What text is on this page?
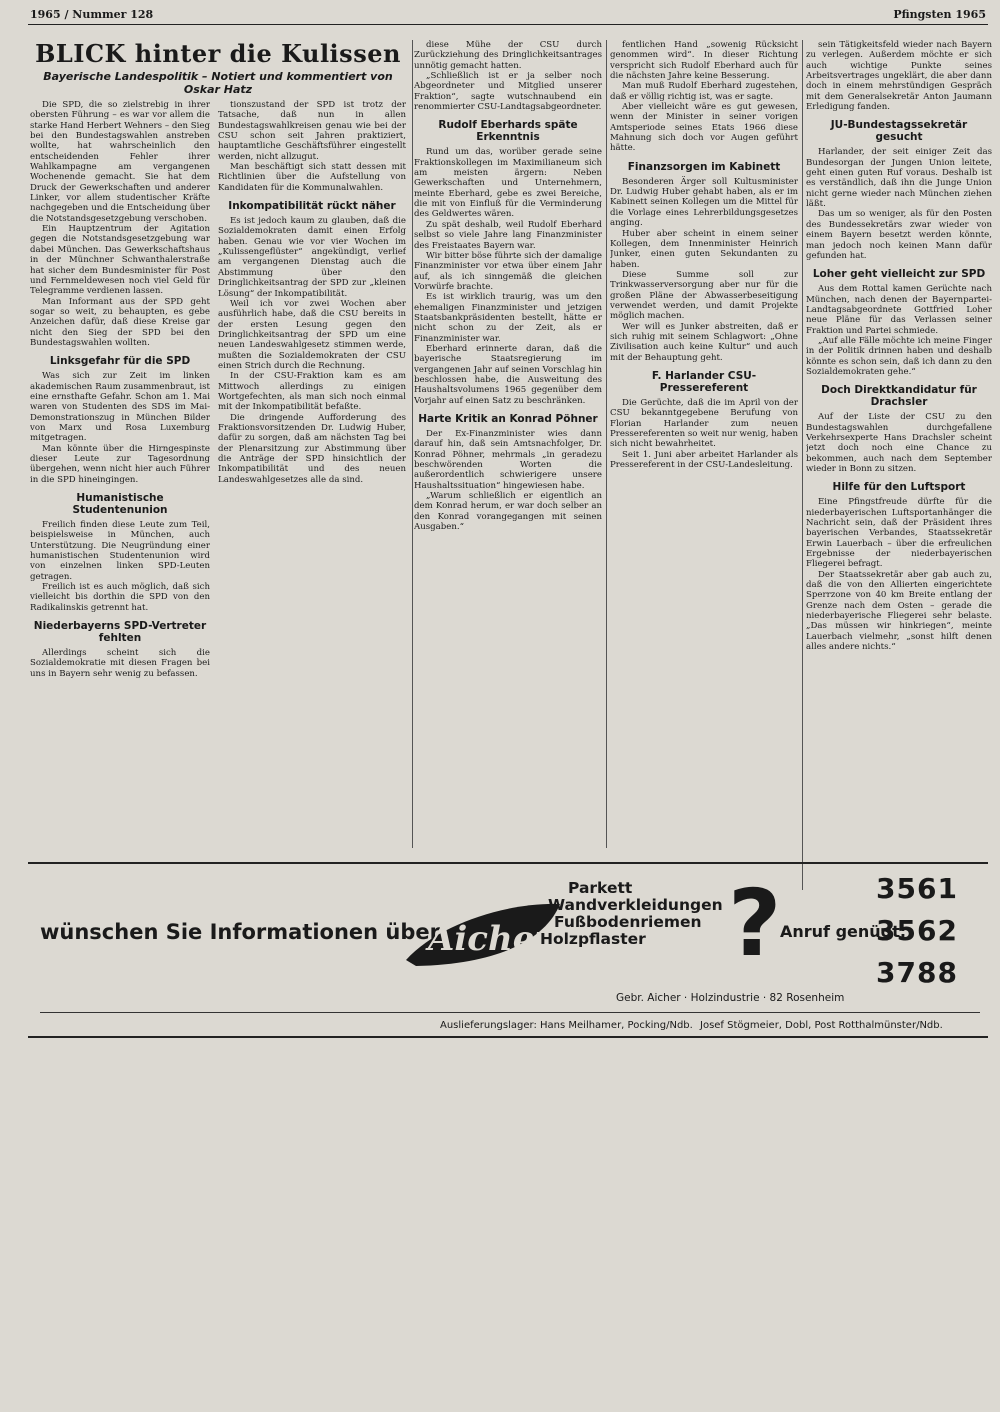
1965 / Nummer 128	Pfingsten 1965
BLICK hinter die Kulissen
Bayerische Landespolitik – Notiert und kommentiert von Oskar Hatz

Die SPD, die so zielstrebig in ihrer obersten Führung – es war vor allem die starke Hand Herbert Wehners – den Sieg bei den Bundestagswahlen anstreben wollte, hat wahrscheinlich den entscheidenden Fehler ihrer Wahlkampagne am vergangenen Wochenende gemacht. Sie hat dem Druck der Gewerkschaften und anderer Linker, vor allem studentischer Kräfte nachgegeben und die Entscheidung über die Notstandsgesetzgebung verschoben.

Ein Hauptzentrum der Agitation gegen die Notstandsgesetzgebung war dabei München. Das Gewerkschaftshaus in der Münchner Schwanthalerstraße hat sicher dem Bundesminister für Post und Fernmeldewesen noch viel Geld für Telegramme verdienen lassen.

Man Informant aus der SPD geht sogar so weit, zu behaupten, es gebe Anzeichen dafür, daß diese Kreise gar nicht den Sieg der SPD bei den Bundestagswahlen wollten.

Linksgefahr für die SPD

Was sich zur Zeit im linken akademischen Raum zusammenbraut, ist eine ernsthafte Gefahr. Schon am 1. Mai waren von Studenten des SDS im Mai-Demonstrationszug in München Bilder von Marx und Rosa Luxemburg mitgetragen.

Man könnte über die Hirngespinste dieser Leute zur Tagesordnung übergehen, wenn nicht hier auch Führer in die SPD hineingingen.

Humanistische Studentenunion

Freilich finden diese Leute zum Teil, beispielsweise in München, auch Unterstützung. Die Neugründung einer humanistischen Studentenunion wird von einzelnen linken SPD-Leuten getragen.

Freilich ist es auch möglich, daß sich vielleicht bis dorthin die SPD von den Radikalinskis getrennt hat.

Niederbayerns SPD-Vertreter fehlten

Allerdings scheint sich die Sozialdemokratie mit diesen Fragen bei uns in Bayern sehr wenig zu befassen.

tionszustand der SPD ist trotz der Tatsache, daß nun in allen Bundestagswahlkreisen genau wie bei der CSU schon seit Jahren praktiziert, hauptamtliche Geschäftsführer eingestellt werden, nicht allzugut.

Man beschäftigt sich statt dessen mit Richtlinien über die Aufstellung von Kandidaten für die Kommunalwahlen.

Inkompatibilität rückt näher

Es ist jedoch kaum zu glauben, daß die Sozialdemokraten damit einen Erfolg haben. Genau wie vor vier Wochen im „Kulissengeflüster“ angekündigt, verlief am vergangenen Dienstag auch die Abstimmung über den Dringlichkeitsantrag der SPD zur „kleinen Lösung“ der Inkompatibilität.

Weil ich vor zwei Wochen aber ausführlich habe, daß die CSU bereits in der ersten Lesung gegen den Dringlichkeitsantrag der SPD um eine neuen Landeswahlgesetz stimmen werde, mußten die Sozialdemokraten der CSU einen Strich durch die Rechnung.

In der CSU-Fraktion kam es am Mittwoch allerdings zu einigen Wortgefechten, als man sich noch einmal mit der Inkompatibilität befaßte.

Die dringende Aufforderung des Fraktionsvorsitzenden Dr. Ludwig Huber, dafür zu sorgen, daß am nächsten Tag bei der Plenarsitzung zur Abstimmung über die Anträge der SPD hinsichtlich der Inkompatibilität und des neuen Landeswahlgesetzes alle da sind.

diese Mühe der CSU durch Zurückziehung des Dringlichkeitsantrages unnötig gemacht hatten.

„Schließlich ist er ja selber noch Abgeordneter und Mitglied unserer Fraktion“, sagte wutschnaubend ein renommierter CSU-Landtagsabgeordneter.

Rudolf Eberhards späte Erkenntnis

Rund um das, worüber gerade seine Fraktionskollegen im Maximilianeum sich am meisten ärgern: Neben Gewerkschaften und Unternehmern, meinte Eberhard, gebe es zwei Bereiche, die mit von Einfluß für die Verminderung des Geldwertes wären.

Zu spät deshalb, weil Rudolf Eberhard selbst so viele Jahre lang Finanzminister des Freistaates Bayern war.

Wir bitter böse führte sich der damalige Finanzminister vor etwa über einem Jahr auf, als ich sinngemäß die gleichen Vorwürfe brachte.

Es ist wirklich traurig, was um den ehemaligen Finanzminister und jetzigen Staatsbankpräsidenten bestellt, hätte er nicht schon zu der Zeit, als er Finanzminister war.

Eberhard erinnerte daran, daß die bayerische Staatsregierung im vergangenen Jahr auf seinen Vorschlag hin beschlossen habe, die Ausweitung des Haushaltsvolumens 1965 gegenüber dem Vorjahr auf einen Satz zu beschränken.

Harte Kritik an Konrad Pöhner

Der Ex-Finanzminister wies dann darauf hin, daß sein Amtsnachfolger, Dr. Konrad Pöhner, mehrmals „in geradezu beschwörenden Worten die außerordentlich schwierigere unsere Haushaltssituation“ hingewiesen habe.

„Warum schließlich er eigentlich an dem Konrad herum, er war doch selber an den Konrad vorangegangen mit seinen Ausgaben.“

fentlichen Hand „sowenig Rücksicht genommen wird“. In dieser Richtung verspricht sich Rudolf Eberhard auch für die nächsten Jahre keine Besserung.

Man muß Rudolf Eberhard zugestehen, daß er völlig richtig ist, was er sagte.

Aber vielleicht wäre es gut gewesen, wenn der Minister in seiner vorigen Amtsperiode seines Etats 1966 diese Mahnung sich doch vor Augen geführt hätte.

Finanzsorgen im Kabinett

Besonderen Ärger soll Kultusminister Dr. Ludwig Huber gehabt haben, als er im Kabinett seinen Kollegen um die Mittel für die Vorlage eines Lehrerbildungsgesetzes anging.

Huber aber scheint in einem seiner Kollegen, dem Innenminister Heinrich Junker, einen guten Sekundanten zu haben.

Diese Summe soll zur Trinkwasserversorgung aber nur für die großen Pläne der Abwasserbeseitigung verwendet werden, und damit Projekte möglich machen.

Wer will es Junker abstreiten, daß er sich ruhig mit seinem Schlagwort: „Ohne Zivilisation auch keine Kultur“ und auch mit der Behauptung geht.

F. Harlander CSU-Pressereferent

Die Gerüchte, daß die im April von der CSU bekanntgegebene Berufung von Florian Harlander zum neuen Pressereferenten so weit nur wenig, haben sich nicht bewahrheitet.

Seit 1. Juni aber arbeitet Harlander als Pressereferent in der CSU-Landesleitung.

sein Tätigkeitsfeld wieder nach Bayern zu verlegen. Außerdem möchte er sich auch wichtige Punkte seines Arbeitsvertrages ungeklärt, die aber dann doch in einem mehrstündigen Gespräch mit dem Generalsekretär Anton Jaumann Erledigung fanden.

JU-Bundestagssekretär gesucht

Harlander, der seit einiger Zeit das Bundesorgan der Jungen Union leitete, geht einen guten Ruf voraus. Deshalb ist es verständlich, daß ihn die Junge Union nicht gerne wieder nach München ziehen läßt.

Das um so weniger, als für den Posten des Bundessekretärs zwar wieder von einem Bayern besetzt werden könnte, man jedoch noch keinen Mann dafür gefunden hat.

Loher geht vielleicht zur SPD

Aus dem Rottal kamen Gerüchte nach München, nach denen der Bayernpartei-Landtagsabgeordnete Gottfried Loher neue Pläne für das Verlassen seiner Fraktion und Partei schmiede.

„Auf alle Fälle möchte ich meine Finger in der Politik drinnen haben und deshalb könnte es schon sein, daß ich dann zu den Sozialdemokraten gehe.“

Doch Direktkandidatur für Drachsler

Auf der Liste der CSU zu den Bundestagswahlen durchgefallene Verkehrsexperte Hans Drachsler scheint jetzt doch noch eine Chance zu bekommen, auch nach dem September wieder in Bonn zu sitzen.

Hilfe für den Luftsport

Eine Pfingstfreude dürfte für die niederbayerischen Luftsportanhänger die Nachricht sein, daß der Präsident ihres bayerischen Verbandes, Staatssekretär Erwin Lauerbach – über die erfreulichen Ergebnisse der niederbayerischen Fliegerei befragt.

Der Staatssekretär aber gab auch zu, daß die von den Allierten eingerichtete Sperrzone von 40 km Breite entlang der Grenze nach dem Osten – gerade die niederbayerische Fliegerei sehr belaste. „Das müssen wir hinkriegen“, meinte Lauerbach vielmehr, „sonst hilft denen alles andere nichts.“

wünschen Sie Informationen über
Aicher
Parkett
Wandverkleidungen
Fußbodenriemen
Holzpflaster ?
Anruf genügt:
3561
3562
3788
Gebr. Aicher · Holzindustrie · 82 Rosenheim
Auslieferungslager: Hans Meilhamer, Pocking/Ndb. Josef Stögmeier, Dobl, Post Rotthalmünster/Ndb.
